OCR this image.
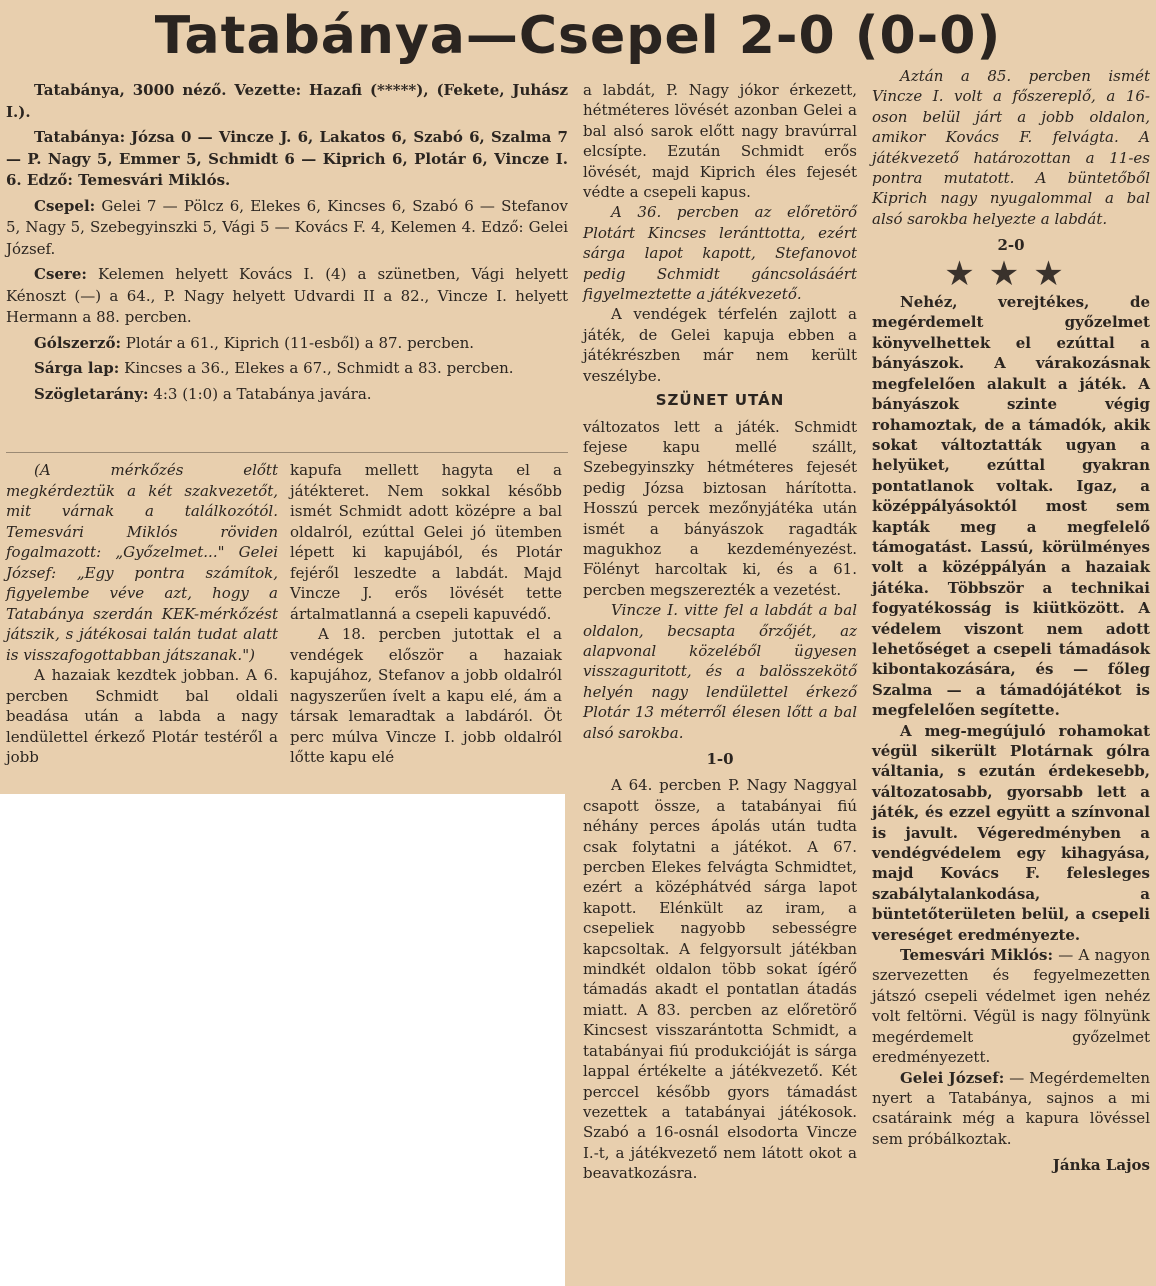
Tatabánya—Csepel 2-0 (0-0)

Tatabánya, 3000 néző. Vezette: Hazafi (*****), (Fekete, Juhász I.).

Tatabánya: Józsa 0 — Vincze J. 6, Lakatos 6, Szabó 6, Szalma 7 — P. Nagy 5, Emmer 5, Schmidt 6 — Kiprich 6, Plotár 6, Vincze I. 6. Edző: Temesvári Miklós.

Csepel: Gelei 7 — Pölcz 6, Elekes 6, Kincses 6, Szabó 6 — Stefanov 5, Nagy 5, Szebegyinszki 5, Vági 5 — Kovács F. 4, Kelemen 4. Edző: Gelei József.

Csere: Kelemen helyett Kovács I. (4) a szünetben, Vági helyett Kénoszt (—) a 64., P. Nagy helyett Udvardi II a 82., Vincze I. helyett Hermann a 88. percben.

Gólszerző: Plotár a 61., Kiprich (11-esből) a 87. percben.

Sárga lap: Kincses a 36., Elekes a 67., Schmidt a 83. percben.

Szögletarány: 4:3 (1:0) a Tatabánya javára.

(A mérkőzés előtt megkérdeztük a két szakvezetőt, mit várnak a találkozótól. Temesvári Miklós röviden fogalmazott: „Győzelmet..." Gelei József: „Egy pontra számítok, figyelembe véve azt, hogy a Tatabánya szerdán KEK-mérkőzést játszik, s játékosai talán tudat alatt is visszafogottabban játszanak.")

A hazaiak kezdtek jobban. A 6. percben Schmidt bal oldali beadása után a labda a nagy lendülettel érkező Plotár testéről a jobb

kapufa mellett hagyta el a játékteret. Nem sokkal később ismét Schmidt adott középre a bal oldalról, ezúttal Gelei jó ütemben lépett ki kapujából, és Plotár fejéről leszedte a labdát. Majd Vincze J. erős lövését tette ártalmatlanná a csepeli kapuvédő.

A 18. percben jutottak el a vendégek először a hazaiak kapujához, Stefanov a jobb oldalról nagyszerűen ívelt a kapu elé, ám a társak lemaradtak a labdáról. Öt perc múlva Vincze I. jobb oldalról lőtte kapu elé

a labdát, P. Nagy jókor érkezett, hétméteres lövését azonban Gelei a bal alsó sarok előtt nagy bravúrral elcsípte. Ezután Schmidt erős lövését, majd Kiprich éles fejesét védte a csepeli kapus.

A 36. percben az előretörő Plotárt Kincses leránttotta, ezért sárga lapot kapott, Stefanovot pedig Schmidt gáncsolásáért figyelmeztette a játékvezető.

A vendégek térfelén zajlott a játék, de Gelei kapuja ebben a játékrészben már nem került veszélybe.

SZÜNET UTÁN

változatos lett a játék. Schmidt fejese kapu mellé szállt, Szebegyinszky hétméteres fejesét pedig Józsa biztosan hárította. Hosszú percek mezőnyjátéka után ismét a bányászok ragadták magukhoz a kezdeményezést. Fölényt harcoltak ki, és a 61. percben megszerezték a vezetést.

Vincze I. vitte fel a labdát a bal oldalon, becsapta őrzőjét, az alapvonal közeléből ügyesen visszaguritott, és a balösszekötő helyén nagy lendülettel érkező Plotár 13 méterről élesen lőtt a bal alsó sarokba.

1-0

A 64. percben P. Nagy Naggyal csapott össze, a tatabányai fiú néhány perces ápolás után tudta csak folytatni a játékot. A 67. percben Elekes felvágta Schmidtet, ezért a középhátvéd sárga lapot kapott. Elénkült az iram, a csepeliek nagyobb sebességre kapcsoltak. A felgyorsult játékban mindkét oldalon több sokat ígérő támadás akadt el pontatlan átadás miatt. A 83. percben az előretörő Kincsest visszarántotta Schmidt, a tatabányai fiú produkcióját is sárga lappal értékelte a játékvezető. Két perccel később gyors támadást vezettek a tatabányai játékosok. Szabó a 16-osnál elsodorta Vincze I.-t, a játékvezető nem látott okot a beavatkozásra.

Aztán a 85. percben ismét Vincze I. volt a főszereplő, a 16-oson belül járt a jobb oldalon, amikor Kovács F. felvágta. A játékvezető határozottan a 11-es pontra mutatott. A büntetőből Kiprich nagy nyugalommal a bal alsó sarokba helyezte a labdát.

2-0

★★★

Nehéz, verejtékes, de megérdemelt győzelmet könyvelhettek el ezúttal a bányászok. A várakozásnak megfelelően alakult a játék. A bányászok szinte végig rohamoztak, de a támadók, akik sokat változtatták ugyan a helyüket, ezúttal gyakran pontatlanok voltak. Igaz, a középpályásoktól most sem kapták meg a megfelelő támogatást. Lassú, körülményes volt a középpályán a hazaiak játéka. Többször a technikai fogyatékosság is kiütközött. A védelem viszont nem adott lehetőséget a csepeli támadások kibontakozására, és — főleg Szalma — a támadójátékot is megfelelően segítette.

A meg-megújuló rohamokat végül sikerült Plotárnak gólra váltania, s ezután érdekesebb, változatosabb, gyorsabb lett a játék, és ezzel együtt a színvonal is javult. Végeredményben a vendégvédelem egy kihagyása, majd Kovács F. felesleges szabálytalankodása, a büntetőterületen belül, a csepeli vereséget eredményezte.

Temesvári Miklós: — A nagyon szervezetten és fegyelmezetten játszó csepeli védelmet igen nehéz volt feltörni. Végül is nagy fölnyünk megérdemelt győzelmet eredményezett.

Gelei József: — Megérdemelten nyert a Tatabánya, sajnos a mi csatáraink még a kapura lövéssel sem próbálkoztak.

Jánka Lajos
